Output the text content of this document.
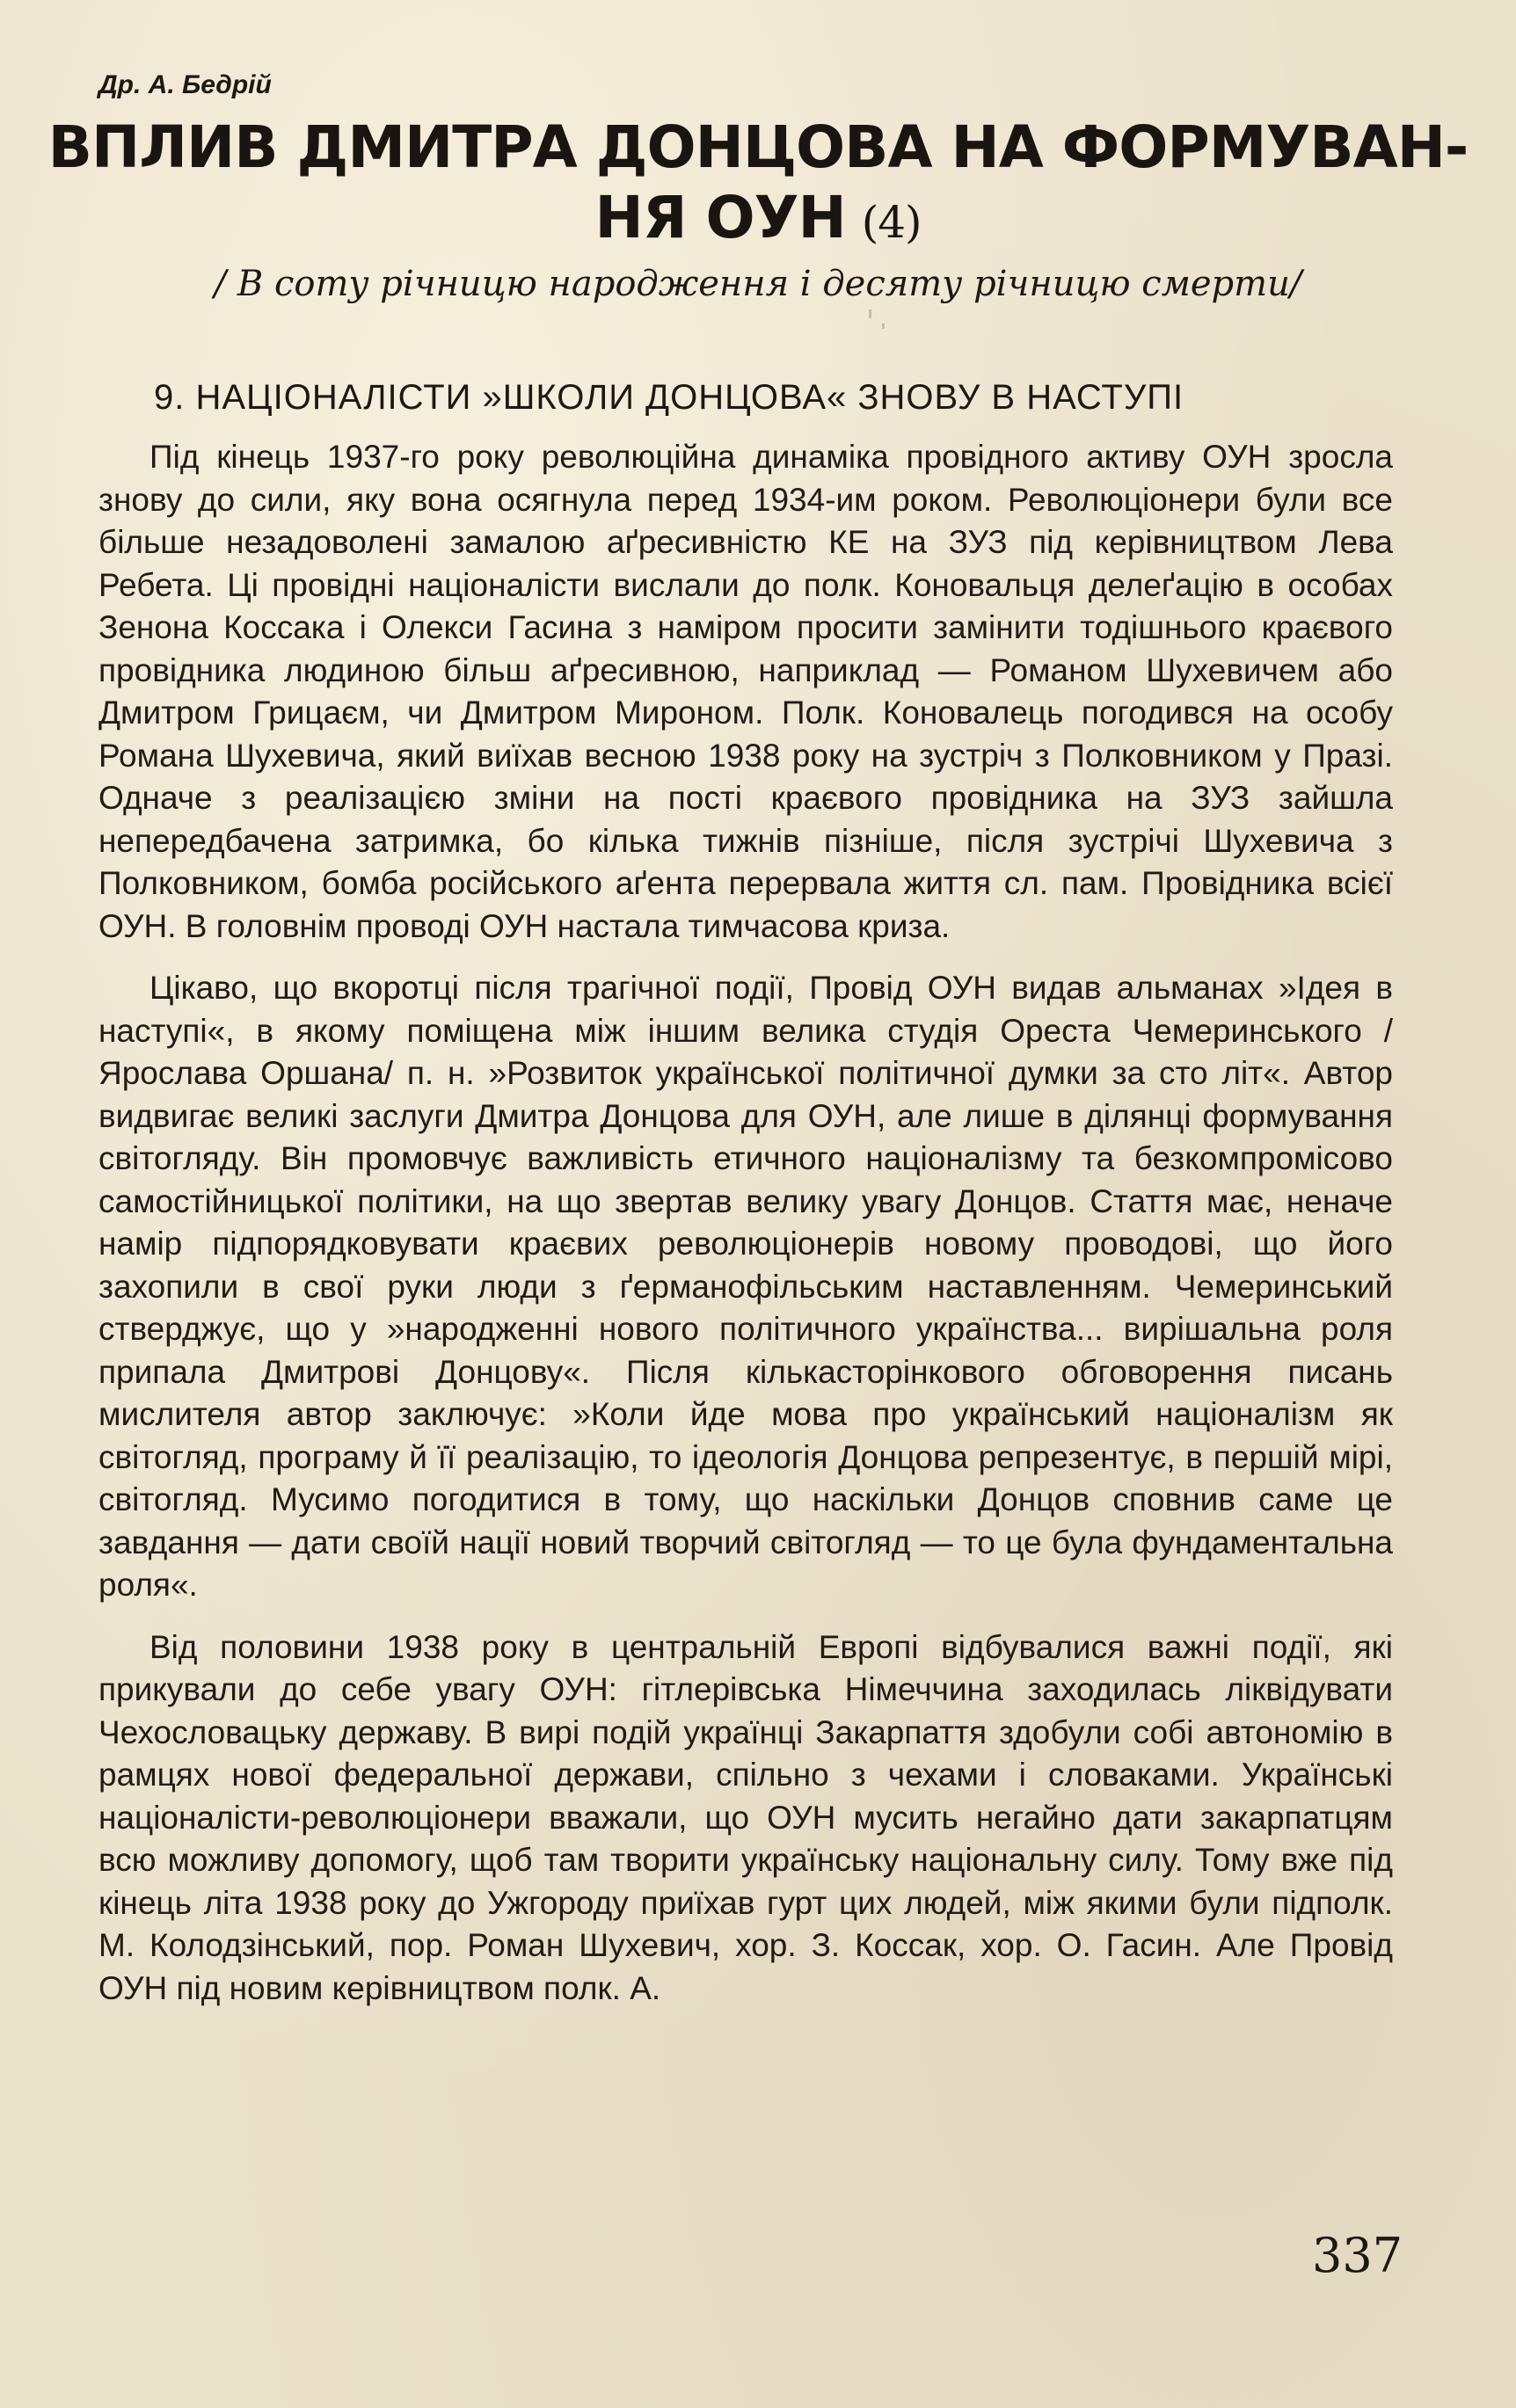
Др. А. Бедрій
ВПЛИВ ДМИТРА ДОНЦОВА НА ФОРМУВАН-
НЯ ОУН (4)
/ В соту річницю народження і десяту річницю смерти/
9. НАЦІОНАЛІСТИ »ШКОЛИ ДОНЦОВА« ЗНОВУ В НАСТУПІ

Під кінець 1937-го року революційна динаміка провідного активу ОУН зросла знову до сили, яку вона осягнула перед 1934-им роком. Революціонери були все більше незадоволені замалою аґресивністю КЕ на ЗУЗ під керівництвом Лева Ребета. Ці провідні націоналісти вислали до полк. Коновальця делеґацію в особах Зенона Коссака і Олекси Гасина з наміром просити замінити тодішнього краєвого провідника людиною більш аґресивною, наприклад — Романом Шухевичем або Дмитром Грицаєм, чи Дмитром Мироном. Полк. Коновалець погодився на особу Романа Шухевича, який виїхав весною 1938 року на зустріч з Полковником у Празі. Одначе з реалізацією зміни на пості краєвого провідника на ЗУЗ зайшла непередбачена затримка, бо кілька тижнів пізніше, після зустрічі Шухевича з Полковником, бомба російського аґента перервала життя сл. пам. Провідника всієї ОУН. В головнім проводі ОУН настала тимчасова криза.

Цікаво, що вкоротці після трагічної події, Провід ОУН видав альманах »Ідея в наступі«, в якому поміщена між іншим велика студія Ореста Чемеринського /Ярослава Оршана/ п. н. »Розвиток української політичної думки за сто літ«. Автор видвигає великі заслуги Дмитра Донцова для ОУН, але лише в ділянці формування світогляду. Він промовчує важливість етичного націоналізму та безкомпромісово самостійницької політики, на що звертав велику увагу Донцов. Стаття має, неначе намір підпорядковувати краєвих революціонерів новому проводові, що його захопили в свої руки люди з ґерманофільським наставленням. Чемеринський стверджує, що у »народженні нового політичного українства... вирішальна роля припала Дмитрові Донцову«. Після кількасторінкового обговорення писань мислителя автор заключує: »Коли йде мова про український націоналізм як світогляд, програму й її реалізацію, то ідеологія Донцова репрезентує, в першій мірі, світогляд. Мусимо погодитися в тому, що наскільки Донцов сповнив саме це завдання — дати своїй нації новий творчий світогляд — то це була фундаментальна роля«.

Від половини 1938 року в центральній Европі відбувалися важні події, які прикували до себе увагу ОУН: гітлерівська Німеччина заходилась ліквідувати Чехословацьку державу. В вирі подій українці Закарпаття здобули собі автономію в рамцях нової федеральної держави, спільно з чехами і словаками. Українські націоналісти-революціонери вважали, що ОУН мусить негайно дати закарпатцям всю можливу допомогу, щоб там творити українську національну силу. Тому вже під кінець літа 1938 року до Ужгороду приїхав гурт цих людей, між якими були підполк. М. Колодзінський, пор. Роман Шухевич, хор. З. Коссак, хор. О. Гасин. Але Провід ОУН під новим керівництвом полк. А.

337
